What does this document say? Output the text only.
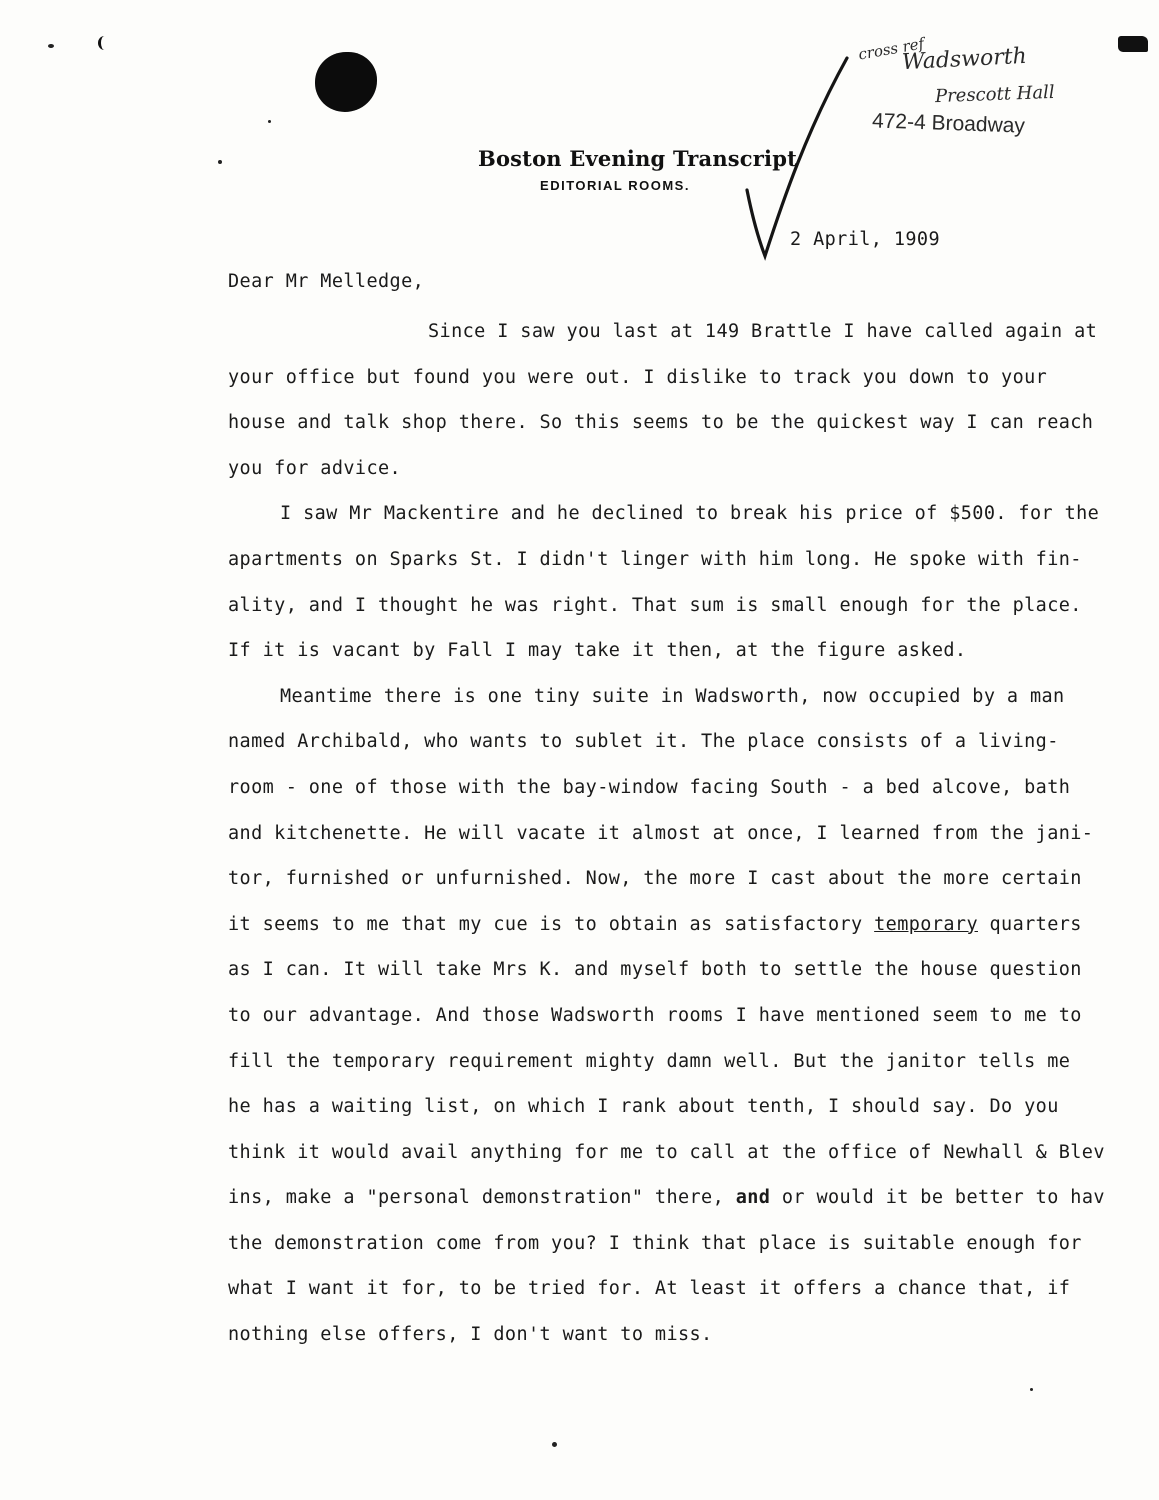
cross ref
Wadsworth
Prescott Hall
472-4 Broadway
Boston Evening Transcript
EDITORIAL ROOMS.
2 April, 1909
Dear Mr Melledge,
Since I saw you last at 149 Brattle I have called again at
your office but found you were out. I dislike to track you down to your
house and talk shop there. So this seems to be the quickest way I can reach
you for advice.
I saw Mr Mackentire and he declined to break his price of $500. for the
apartments on Sparks St. I didn't linger with him long. He spoke with fin-
ality, and I thought he was right. That sum is small enough for the place.
If it is vacant by Fall I may take it then, at the figure asked.
Meantime there is one tiny suite in Wadsworth, now occupied by a man
named Archibald, who wants to sublet it. The place consists of a living-
room - one of those with the bay-window facing South - a bed alcove, bath
and kitchenette. He will vacate it almost at once, I learned from the jani-
tor, furnished or unfurnished. Now, the more I cast about the more certain
it seems to me that my cue is to obtain as satisfactory temporary quarters
as I can. It will take Mrs K. and myself both to settle the house question
to our advantage. And those Wadsworth rooms I have mentioned seem to me to
fill the temporary requirement mighty damn well. But the janitor tells me
he has a waiting list, on which I rank about tenth, I should say. Do you
think it would avail anything for me to call at the office of Newhall & Blev
ins, make a "personal demonstration" there, and or would it be better to hav
the demonstration come from you? I think that place is suitable enough for
what I want it for, to be tried for. At least it offers a chance that, if
nothing else offers, I don't want to miss.
